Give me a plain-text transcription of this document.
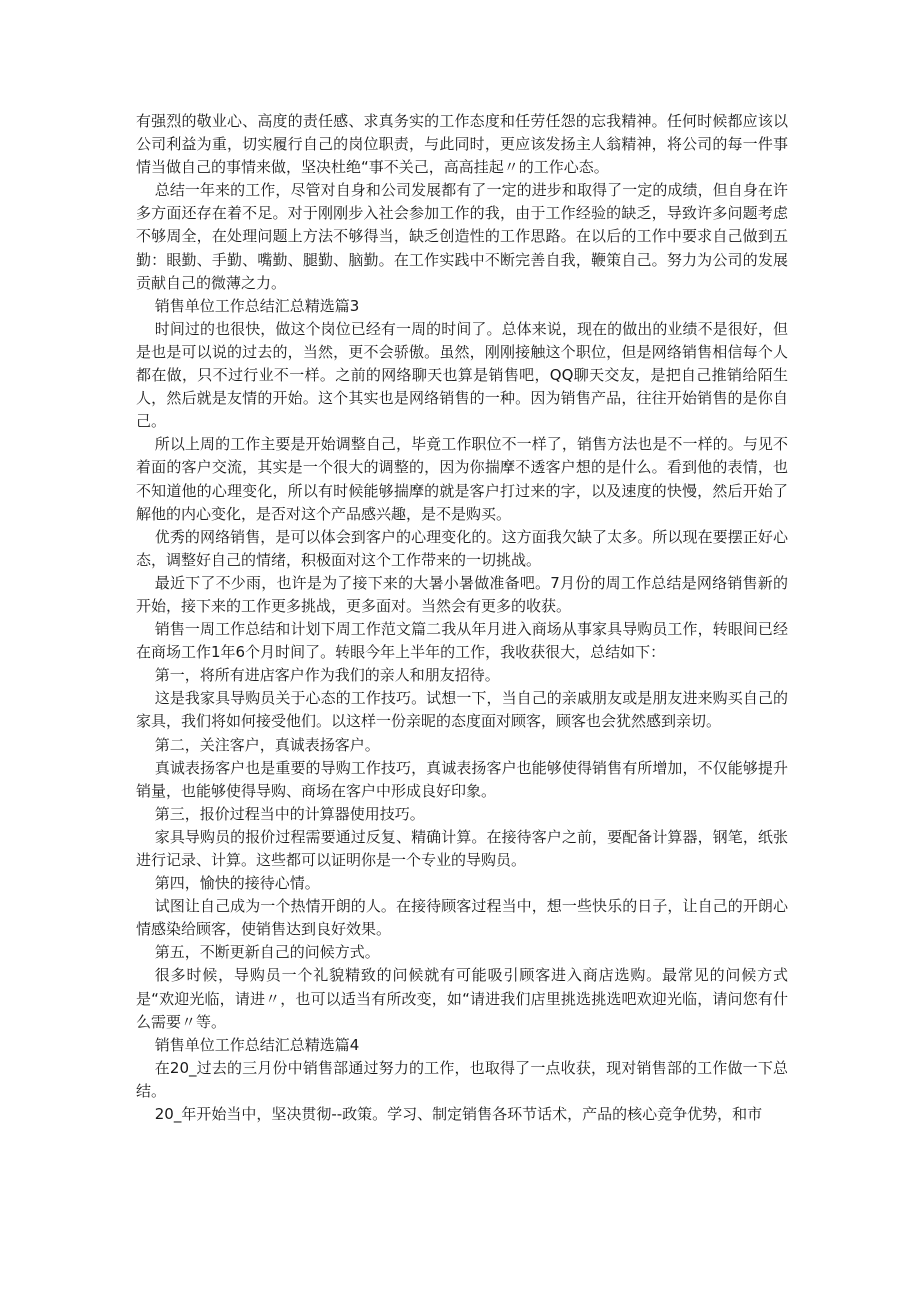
有强烈的敬业心、高度的责任感、求真务实的工作态度和任劳任怨的忘我精神。任何时候都应该以公司利益为重，切实履行自己的岗位职责，与此同时，更应该发扬主人翁精神，将公司的每一件事情当做自己的事情来做，坚决杜绝“事不关己，高高挂起〃的工作心态。

总结一年来的工作，尽管对自身和公司发展都有了一定的进步和取得了一定的成绩，但自身在许多方面还存在着不足。对于刚刚步入社会参加工作的我，由于工作经验的缺乏，导致许多问题考虑不够周全，在处理问题上方法不够得当，缺乏创造性的工作思路。在以后的工作中要求自己做到五勤：眼勤、手勤、嘴勤、腿勤、脑勤。在工作实践中不断完善自我，鞭策自己。努力为公司的发展贡献自己的微薄之力。

销售单位工作总结汇总精选篇3

时间过的也很快，做这个岗位已经有一周的时间了。总体来说，现在的做出的业绩不是很好，但是也是可以说的过去的，当然，更不会骄傲。虽然，刚刚接触这个职位，但是网络销售相信每个人都在做，只不过行业不一样。之前的网络聊天也算是销售吧，QQ聊天交友，是把自己推销给陌生人，然后就是友情的开始。这个其实也是网络销售的一种。因为销售产品，往往开始销售的是你自己。

所以上周的工作主要是开始调整自己，毕竟工作职位不一样了，销售方法也是不一样的。与见不着面的客户交流，其实是一个很大的调整的，因为你揣摩不透客户想的是什么。看到他的表情，也不知道他的心理变化，所以有时候能够揣摩的就是客户打过来的字，以及速度的快慢，然后开始了解他的内心变化，是否对这个产品感兴趣，是不是购买。

优秀的网络销售，是可以体会到客户的心理变化的。这方面我欠缺了太多。所以现在要摆正好心态，调整好自己的情绪，积极面对这个工作带来的一切挑战。

最近下了不少雨，也许是为了接下来的大暑小暑做准备吧。7月份的周工作总结是网络销售新的开始，接下来的工作更多挑战，更多面对。当然会有更多的收获。

销售一周工作总结和计划下周工作范文篇二我从年月进入商场从事家具导购员工作，转眼间已经在商场工作1年6个月时间了。转眼今年上半年的工作，我收获很大，总结如下：

第一，将所有进店客户作为我们的亲人和朋友招待。

这是我家具导购员关于心态的工作技巧。试想一下，当自己的亲戚朋友或是朋友进来购买自己的家具，我们将如何接受他们。以这样一份亲昵的态度面对顾客，顾客也会犹然感到亲切。

第二，关注客户，真诚表扬客户。

真诚表扬客户也是重要的导购工作技巧，真诚表扬客户也能够使得销售有所增加，不仅能够提升销量，也能够使得导购、商场在客户中形成良好印象。

第三，报价过程当中的计算器使用技巧。

家具导购员的报价过程需要通过反复、精确计算。在接待客户之前，要配备计算器，钢笔，纸张进行记录、计算。这些都可以证明你是一个专业的导购员。

第四，愉快的接待心情。

试图让自己成为一个热情开朗的人。在接待顾客过程当中，想一些快乐的日子，让自己的开朗心情感染给顾客，使销售达到良好效果。

第五，不断更新自己的问候方式。

很多时候，导购员一个礼貌精致的问候就有可能吸引顾客进入商店选购。最常见的问候方式是“欢迎光临，请进〃，也可以适当有所改变，如“请进我们店里挑选挑选吧欢迎光临，请问您有什么需要〃等。

销售单位工作总结汇总精选篇4

在20_过去的三月份中销售部通过努力的工作，也取得了一点收获，现对销售部的工作做一下总结。

20_年开始当中，坚决贯彻--政策。学习、制定销售各环节话术，产品的核心竞争优势，和市
